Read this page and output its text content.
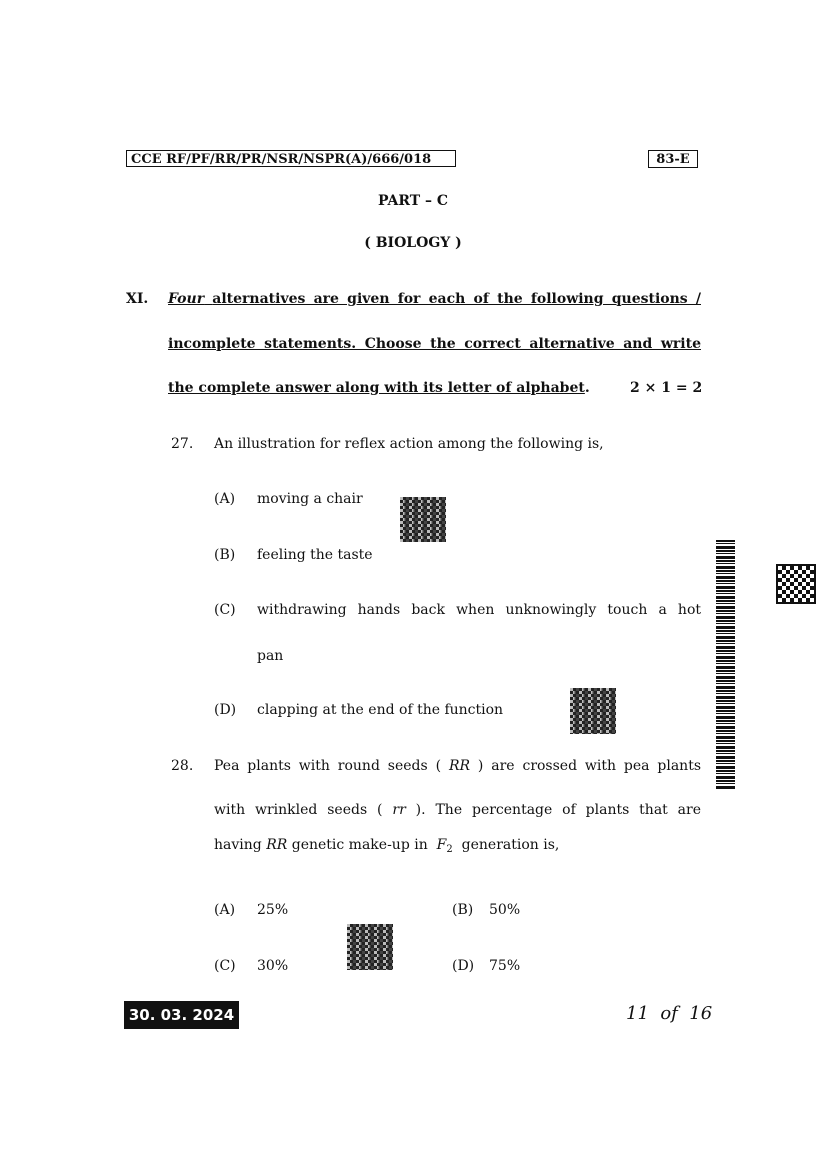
CCE RF/PF/RR/PR/NSR/NSPR(A)/666/018	83-E
PART – C
( BIOLOGY )
XI. Four alternatives are given for each of the following questions /
incomplete statements. Choose the correct alternative and write
the complete answer along with its letter of alphabet.	2 × 1 = 2
27. An illustration for reflex action among the following is,
(A) moving a chair
(B) feeling the taste
(C) withdrawing hands back when unknowingly touch a hot
pan
(D) clapping at the end of the function
28. Pea plants with round seeds ( RR ) are crossed with pea plants
with wrinkled seeds ( rr ). The percentage of plants that are
having RR genetic make-up in $F_2$ generation is,
(A) 25%	(B) 50%
(C) 30%	(D) 75%
30. 03. 2024	11  of  16
